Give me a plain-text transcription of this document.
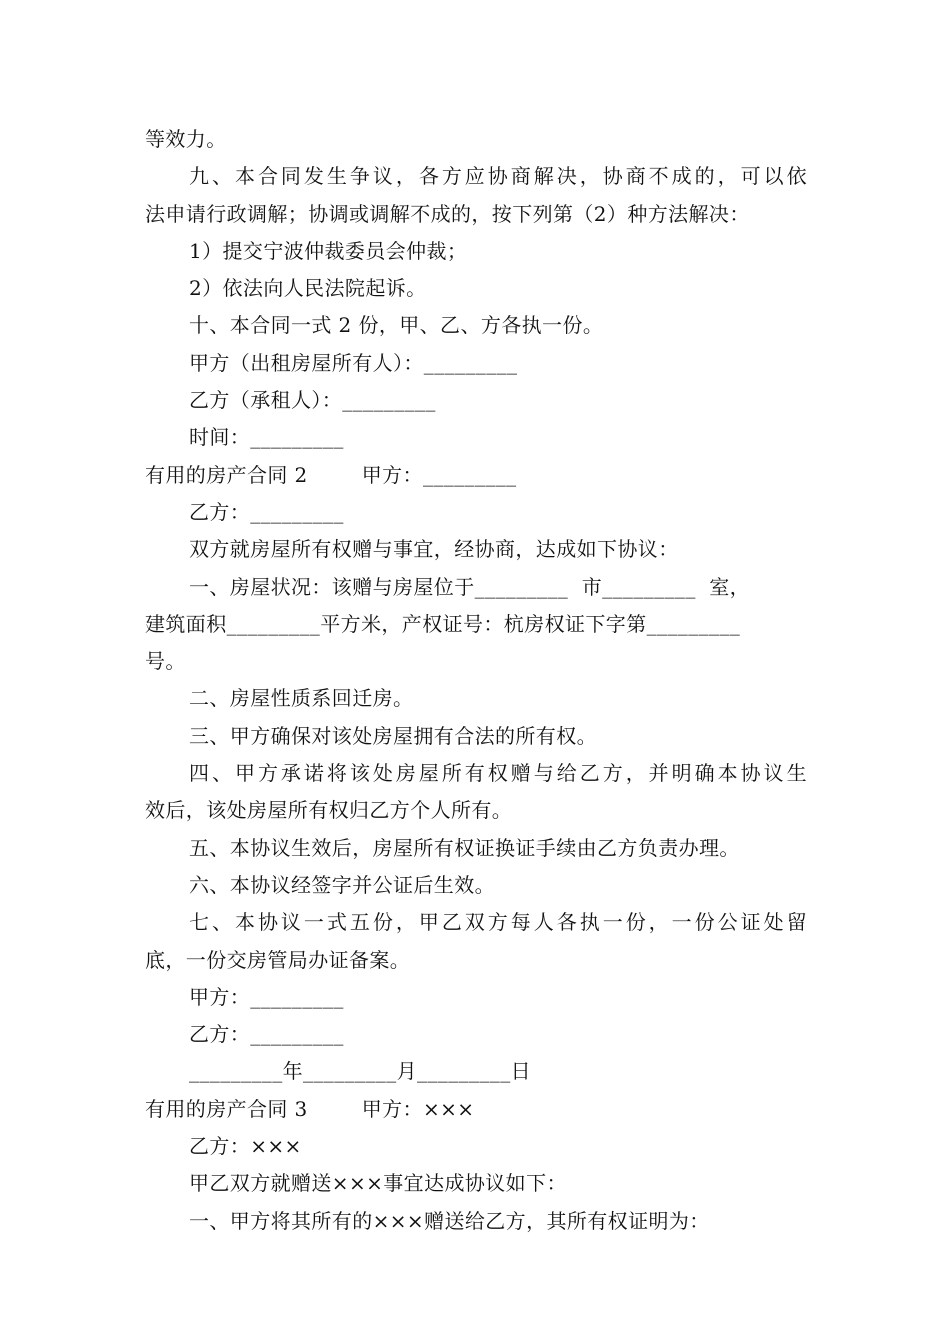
等效力。
九、本合同发生争议，各方应协商解决，协商不成的，可以依
法申请行政调解；协调或调解不成的，按下列第（2）种方法解决：
1）提交宁波仲裁委员会仲裁；
2）依法向人民法院起诉。
十、本合同一式 2 份，甲、乙、方各执一份。
甲方（出租房屋所有人）：_________
乙方（承租人）：_________
时间：_________
有用的房产合同 2        甲方：_________
乙方：_________
双方就房屋所有权赠与事宜，经协商，达成如下协议：
一、房屋状况：该赠与房屋位于_________  市_________  室，
建筑面积_________平方米，产权证号：杭房权证下字第_________
号。
二、房屋性质系回迁房。
三、甲方确保对该处房屋拥有合法的所有权。
四、甲方承诺将该处房屋所有权赠与给乙方，并明确本协议生
效后，该处房屋所有权归乙方个人所有。
五、本协议生效后，房屋所有权证换证手续由乙方负责办理。
六、本协议经签字并公证后生效。
七、本协议一式五份，甲乙双方每人各执一份，一份公证处留
底，一份交房管局办证备案。
甲方：_________
乙方：_________
_________年_________月_________日
有用的房产合同 3        甲方：×××
乙方：×××
甲乙双方就赠送×××事宜达成协议如下：
一、甲方将其所有的×××赠送给乙方，其所有权证明为：
